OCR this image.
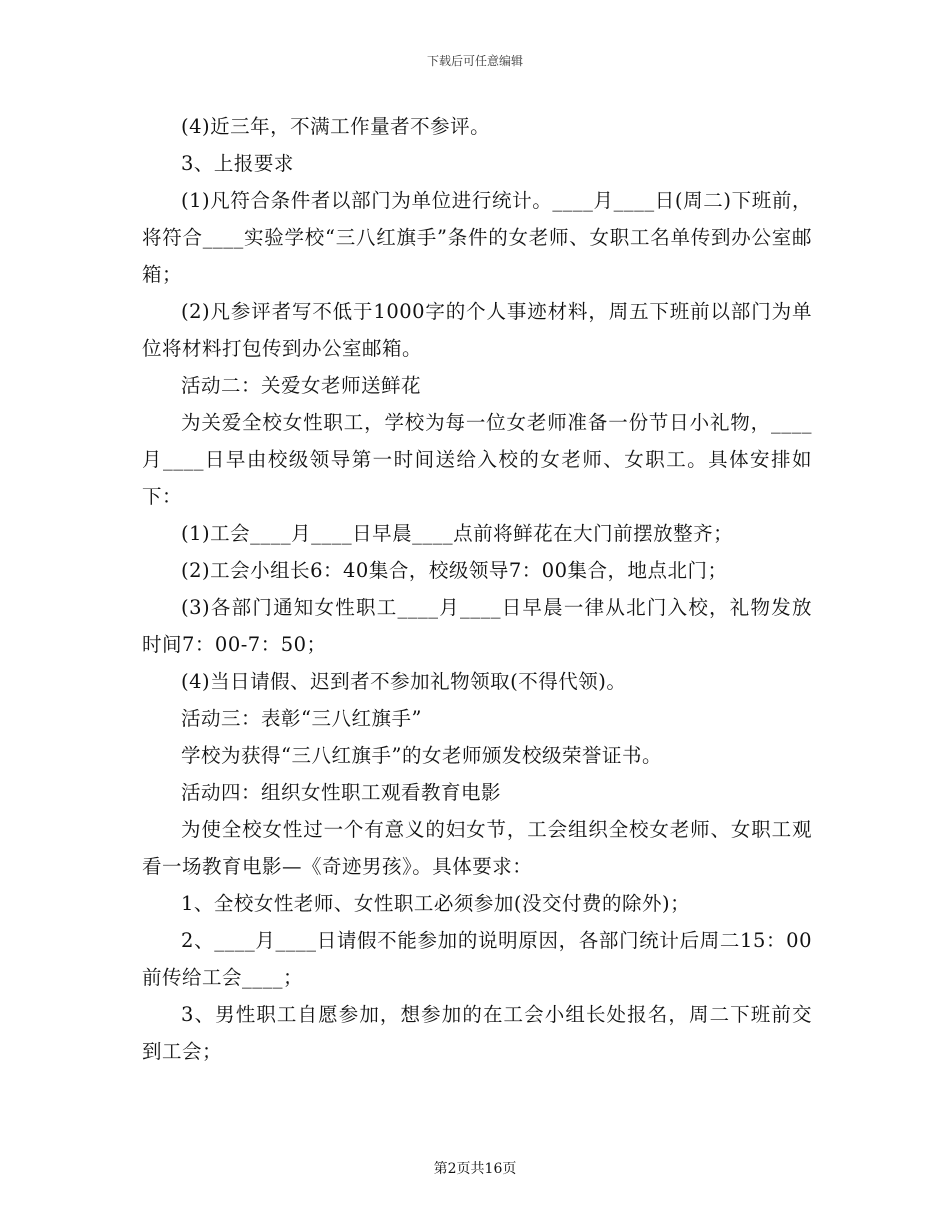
下载后可任意编辑

(4)近三年，不满工作量者不参评。

3、上报要求

(1)凡符合条件者以部门为单位进行统计。____月____日(周二)下班前，将符合____实验学校“三八红旗手”条件的女老师、女职工名单传到办公室邮箱；

(2)凡参评者写不低于1000字的个人事迹材料，周五下班前以部门为单位将材料打包传到办公室邮箱。

活动二：关爱女老师送鲜花

为关爱全校女性职工，学校为每一位女老师准备一份节日小礼物，____月____日早由校级领导第一时间送给入校的女老师、女职工。具体安排如下：

(1)工会____月____日早晨____点前将鲜花在大门前摆放整齐；

(2)工会小组长6：40集合，校级领导7：00集合，地点北门；

(3)各部门通知女性职工____月____日早晨一律从北门入校，礼物发放时间7：00-7：50；

(4)当日请假、迟到者不参加礼物领取(不得代领)。

活动三：表彰“三八红旗手”

学校为获得“三八红旗手”的女老师颁发校级荣誉证书。

活动四：组织女性职工观看教育电影

为使全校女性过一个有意义的妇女节，工会组织全校女老师、女职工观看一场教育电影—《奇迹男孩》。具体要求：

1、全校女性老师、女性职工必须参加(没交付费的除外)；

2、____月____日请假不能参加的说明原因，各部门统计后周二15：00前传给工会____；

3、男性职工自愿参加，想参加的在工会小组长处报名，周二下班前交到工会；

第2页共16页
